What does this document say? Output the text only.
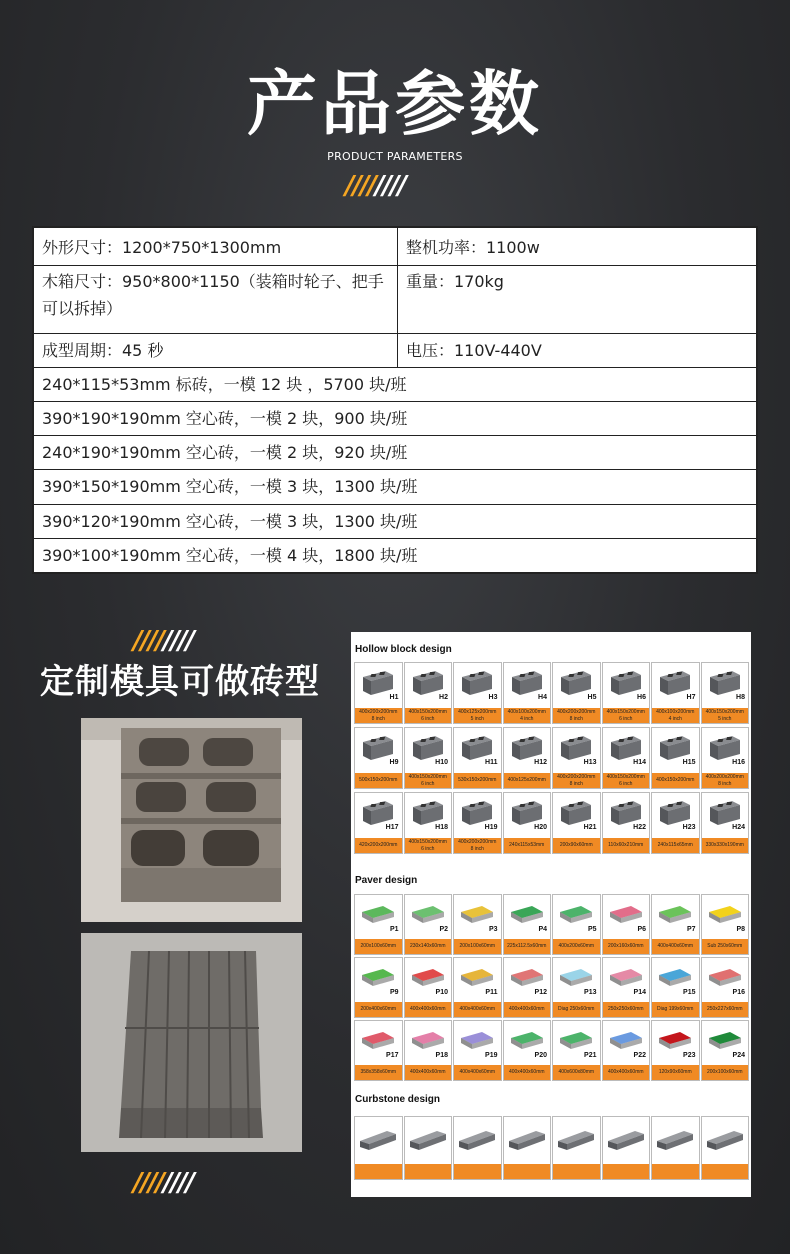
产品参数
PRODUCT PARAMETERS
////////
外形尺寸：1200*750*1300mm	整机功率：1100w
木箱尺寸：950*800*1150（装箱时轮子、把手可以拆掉）
重量：170kg
成型周期：45 秒	电压：110V-440V
240*115*53mm 标砖，一模 12 块 ，5700 块/班
390*190*190mm 空心砖，一模 2 块，900 块/班
240*190*190mm 空心砖，一模 2 块，920 块/班
390*150*190mm 空心砖，一模 3 块，1300 块/班
390*120*190mm 空心砖，一模 3 块，1300 块/班
390*100*190mm 空心砖，一模 4 块，1800 块/班
////////
定制模具可做砖型
////////
Hollow block design
H1
400x200x200mm
8 inch
H2
400x150x200mm
6 inch
H3
400x125x200mm
5 inch
H4
400x100x200mm
4 inch
H5
400x200x200mm
8 inch
H6
400x150x200mm
6 inch
H7
400x100x200mm
4 inch
H8
400x150x200mm
5 inch
H9
500x150x200mm
H10
400x150x200mm
6 inch
H11
530x150x200mm
H12
400x125x200mm
H13
400x200x200mm
8 inch
H14
400x150x200mm
6 inch
H15
400x150x200mm
H16
400x200x200mm
8 inch
H17
420x200x200mm
H18
400x150x200mm
6 inch
H19
400x200x200mm
8 inch
H20
240x115x53mm
H21
200x90x60mm
H22
110x60x210mm
H23
240x115x65mm
H24
330x330x190mm
Paver design
P1
200x100x60mm
P2
230x140x60mm
P3
200x100x60mm
P4
225x112.5x60mm
P5
400x200x60mm
P6
200x160x60mm
P7
400x400x60mm
P8
Sub 250x60mm
P9
200x400x60mm
P10
400x400x60mm
P11
400x400x60mm
P12
400x400x60mm
P13
Diag 250x60mm
P14
250x250x60mm
P15
Diag 199x60mm
P16
250x227x60mm
P17
358x358x60mm
P18
400x400x60mm
P19
400x400x60mm
P20
400x400x60mm
P21
400x600x80mm
P22
400x400x60mm
P23
120x90x60mm
P24
200x100x60mm
Curbstone design
